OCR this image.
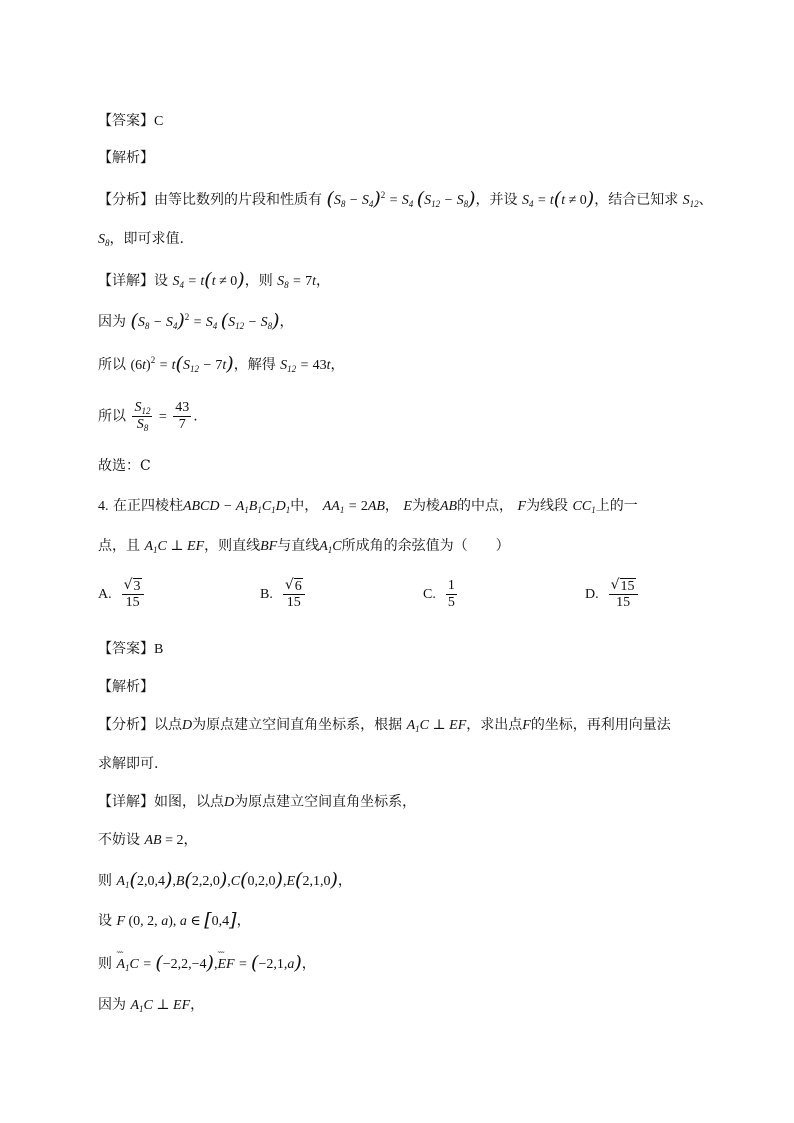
【答案】C
【解析】
【分析】由等比数列的片段和性质有 $(S_8 - S_4)^2 = S_4$ $(S_{12} - S_8)$，并设 $S_4 = t(t \ne 0)$，结合已知求 $S_{12}$、
$S_8$，即可求值.
【详解】设 $S_4 = t(t \ne 0)$，则 $S_8 = 7t$，
因为 $(S_8 - S_4)^2 = S_4$ $(S_{12} - S_8)$，
所以 $(6t)^2 = t(S_{12} - 7t)$，解得 $S_{12} = 43t$，
所以 $\frac{S_{12}}{S_8} = \frac{43}{7}$ .
故选：C
4. 在正四棱柱ABCD − $A_1B_1C_1D_1$中， $AA_1 = 2AB$， E为棱AB的中点， F为线段 $CC_1$上的一
点，且 $A_1C$ ⊥ EF，则直线BF与直线$A_1C$所成角的余弦值为（　　）
A. $\frac{√ 3}{15}$	B. $\frac{√ 6}{15}$	C. $\frac{1}{5}$	D. $\frac{√ 15}{15}$
【答案】B
【解析】
【分析】以点D为原点建立空间直角坐标系，根据 $A_1C$ ⊥ EF，求出点F的坐标，再利用向量法
求解即可.
【详解】如图，以点D为原点建立空间直角坐标系，
不妨设 AB = 2，
则 $A_1(2,0,4),B(2,2,0),C(0,2,0),E(2,1,0)$，
设 F (0, 2, a), a ∈ [0,4]，
则 ˜˜˜ $A_1C$ = (−2,2,−4),˜˜˜ EF = (−2,1,a)，
因为 $A_1C$ ⊥ EF，
